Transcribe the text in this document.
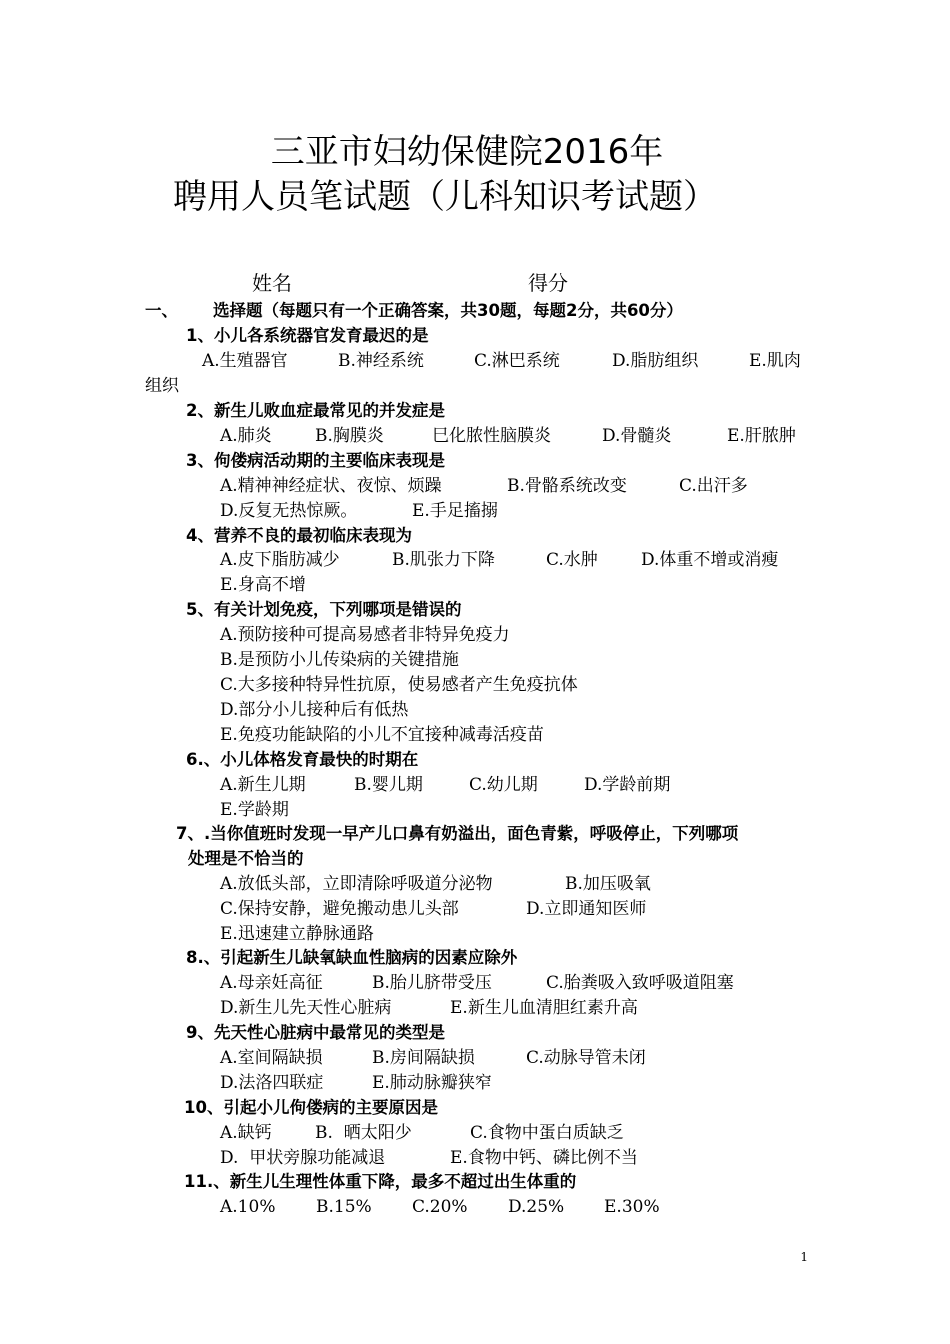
三亚市妇幼保健院2016年
聘用人员笔试题（儿科知识考试题）
姓名	得分
一、 选择题（每题只有一个正确答案，共30题，每题2分，共60分）
1、小儿各系统器官发育最迟的是
A.生殖器官	B.神经系统	C.淋巴系统	D.脂肪组织	E.肌肉
组织
2、新生儿败血症最常见的并发症是
A.肺炎	B.胸膜炎	巳化脓性脑膜炎	D.骨髓炎	E.肝脓肿
3、佝偻病活动期的主要临床表现是
A.精神神经症状、夜惊、烦躁	B.骨骼系统改变	C.出汗多
D.反复无热惊厥。	E.手足搐搦
4、营养不良的最初临床表现为
A.皮下脂肪减少	B.肌张力下降	C.水肿	D.体重不增或消瘦
E.身高不增
5、有关计划免疫，下列哪项是错误的
A.预防接种可提高易感者非特异免疫力
B.是预防小儿传染病的关键措施
C.大多接种特异性抗原，使易感者产生免疫抗体
D.部分小儿接种后有低热
E.免疫功能缺陷的小儿不宜接种减毒活疫苗
6.、小儿体格发育最快的时期在
A.新生儿期	B.婴儿期	C.幼儿期	D.学龄前期
E.学龄期
7、.当你值班时发现一早产儿口鼻有奶溢出，面色青紫，呼吸停止，下列哪项
处理是不恰当的
A.放低头部，立即清除呼吸道分泌物	B.加压吸氧
C.保持安静，避免搬动患儿头部	D.立即通知医师
E.迅速建立静脉通路
8.、引起新生儿缺氧缺血性脑病的因素应除外
A.母亲妊高征	B.胎儿脐带受压	C.胎粪吸入致呼吸道阻塞
D.新生儿先天性心脏病	E.新生儿血清胆红素升高
9、先天性心脏病中最常见的类型是
A.室间隔缺损	B.房间隔缺损	C.动脉导管未闭
D.法洛四联症	E.肺动脉瓣狭窄
10、引起小儿佝偻病的主要原因是
A.缺钙	B.  晒太阳少	C.食物中蛋白质缺乏
D.  甲状旁腺功能减退	E.食物中钙、磷比例不当
11.、新生儿生理性体重下降，最多不超过出生体重的
A.10% B.15% C.20% D.25% E.30%
1
